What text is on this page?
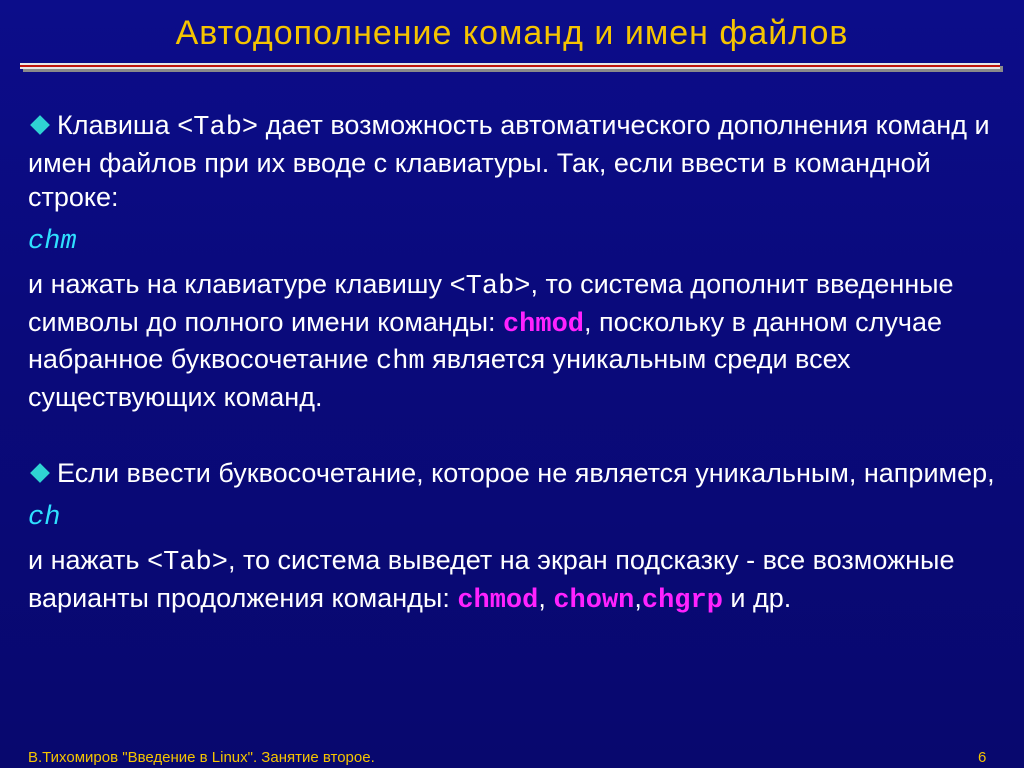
Автодополнение команд и имен файлов

Клавиша <Tab> дает возможность автоматического дополнения команд и имен файлов при их вводе с клавиатуры. Так, если ввести в командной строке:

chm

и нажать на клавиатуре клавишу <Tab>, то система дополнит введенные символы до полного имени команды: chmod, поскольку в данном случае набранное буквосочетание chm является уникальным среди всех существующих команд.

Если ввести буквосочетание, которое не является уникальным, например,

ch

и нажать <Tab>, то система выведет на экран подсказку - все возможные варианты продолжения команды: chmod, chown,chgrp и др.

В.Тихомиров "Введение в Linux". Занятие второе.	6
